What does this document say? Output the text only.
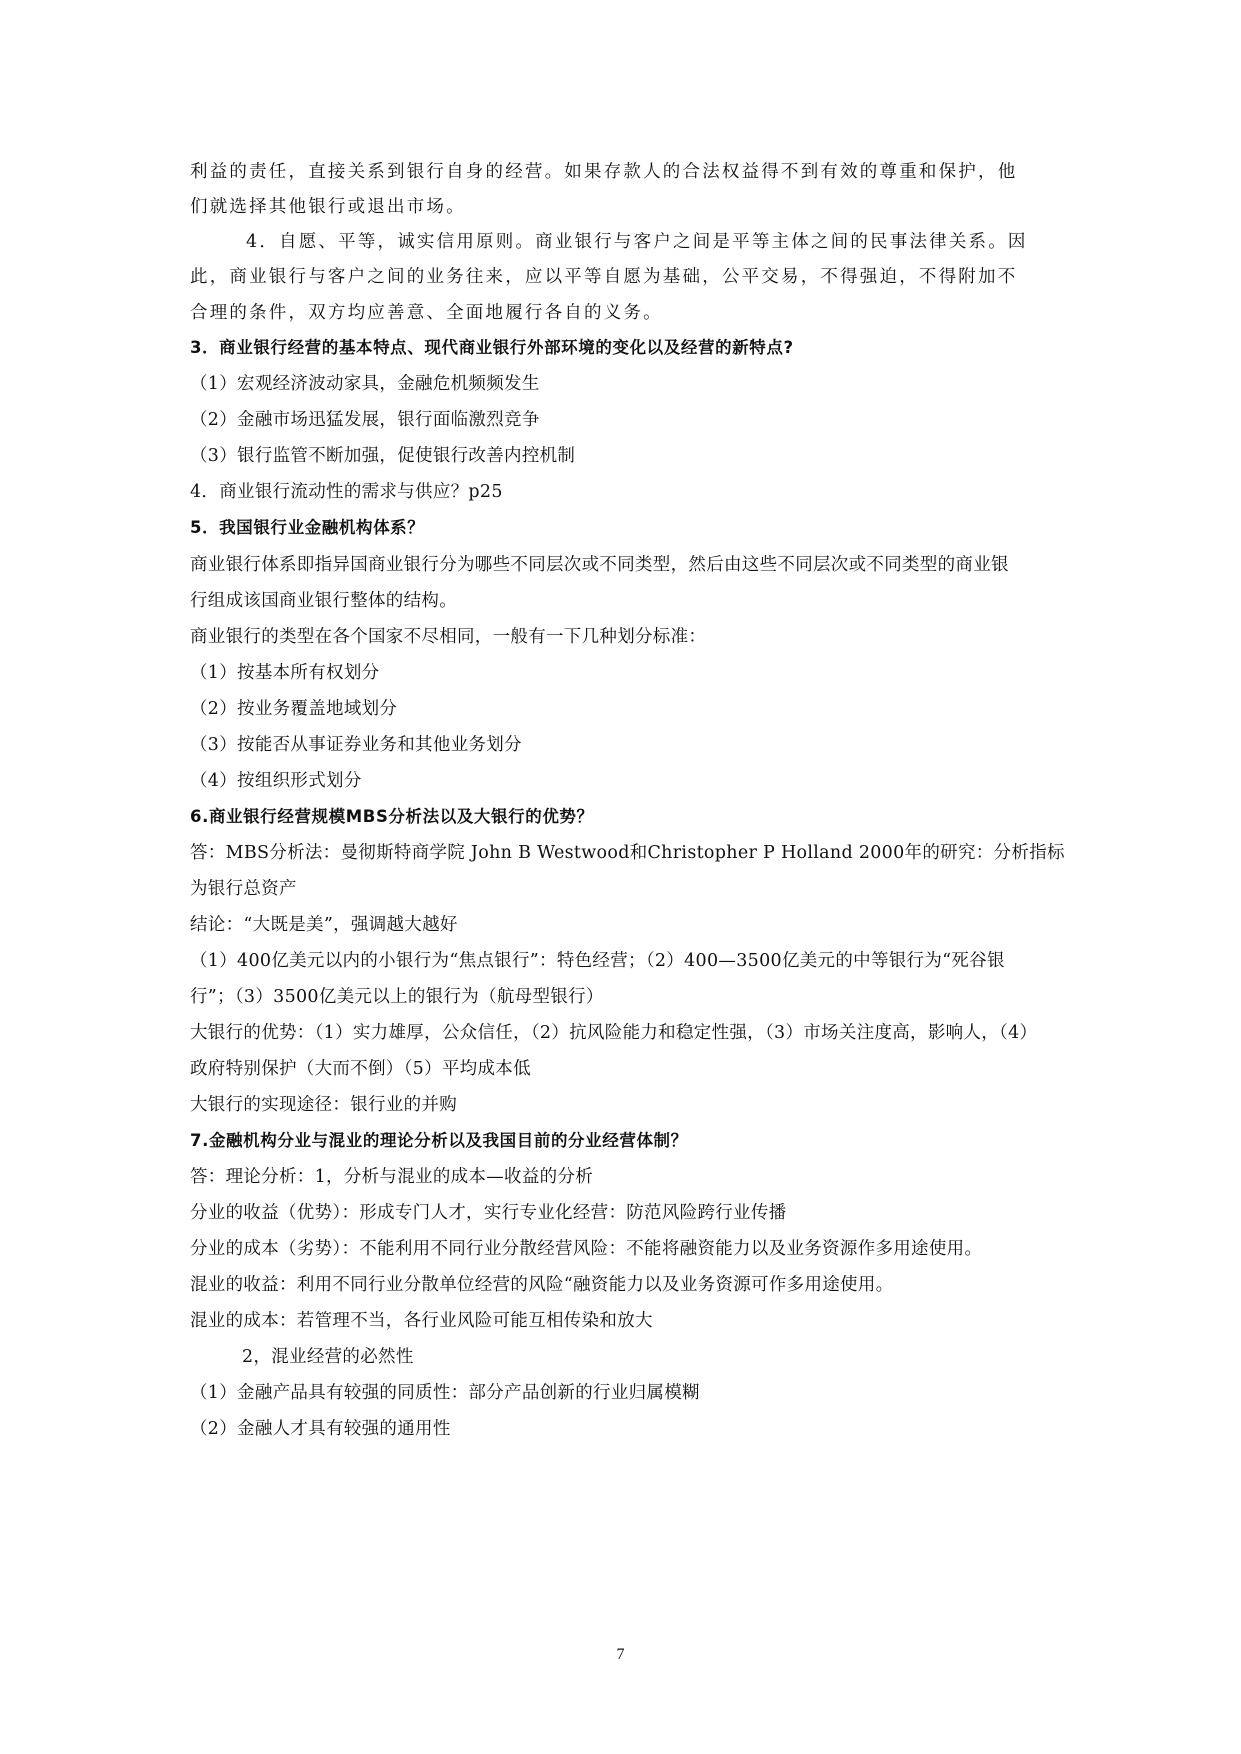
利益的责任，直接关系到银行自身的经营。如果存款人的合法权益得不到有效的尊重和保护，他
们就选择其他银行或退出市场。
4．自愿、平等，诚实信用原则。商业银行与客户之间是平等主体之间的民事法律关系。因
此，商业银行与客户之间的业务往来，应以平等自愿为基础，公平交易，不得强迫，不得附加不
合理的条件，双方均应善意、全面地履行各自的义务。
3．商业银行经营的基本特点、现代商业银行外部环境的变化以及经营的新特点?
（1）宏观经济波动家具，金融危机频频发生
（2）金融市场迅猛发展，银行面临激烈竞争
（3）银行监管不断加强，促使银行改善内控机制
4．商业银行流动性的需求与供应？p25
5．我国银行业金融机构体系？
商业银行体系即指异国商业银行分为哪些不同层次或不同类型，然后由这些不同层次或不同类型的商业银
行组成该国商业银行整体的结构。
商业银行的类型在各个国家不尽相同，一般有一下几种划分标准：
（1）按基本所有权划分
（2）按业务覆盖地域划分
（3）按能否从事证券业务和其他业务划分
（4）按组织形式划分
6.商业银行经营规模MBS分析法以及大银行的优势？
答：MBS分析法：曼彻斯特商学院 John B Westwood和Christopher P Holland 2000年的研究：分析指标
为银行总资产
结论：“大既是美”，强调越大越好
（1）400亿美元以内的小银行为“焦点银行”：特色经营；（2）400—3500亿美元的中等银行为“死谷银
行”；（3）3500亿美元以上的银行为（航母型银行）
大银行的优势：（1）实力雄厚，公众信任，（2）抗风险能力和稳定性强，（3）市场关注度高，影响人，（4）
政府特别保护（大而不倒）（5）平均成本低
大银行的实现途径：银行业的并购
7.金融机构分业与混业的理论分析以及我国目前的分业经营体制？
答：理论分析：1，分析与混业的成本—收益的分析
分业的收益（优势）：形成专门人才，实行专业化经营：防范风险跨行业传播
分业的成本（劣势）：不能利用不同行业分散经营风险：不能将融资能力以及业务资源作多用途使用。
混业的收益：利用不同行业分散单位经营的风险“融资能力以及业务资源可作多用途使用。
混业的成本：若管理不当，各行业风险可能互相传染和放大
2，混业经营的必然性
（1）金融产品具有较强的同质性：部分产品创新的行业归属模糊
（2）金融人才具有较强的通用性
7
